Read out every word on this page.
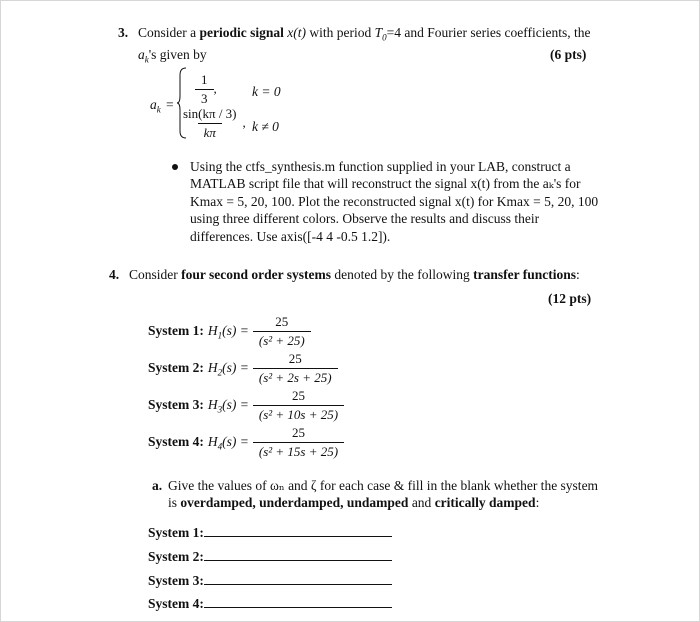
3. Consider a periodic signal x(t) with period $T_0=4$ and Fourier series coefficients, the
$a_k's$ given by	(6 pts)
$a_k = \frac{1}{3}$ ,	k = 0
$\frac{\sin(k\pi / 3)}{k\pi}$ , k ≠ 0
Using the ctfs_synthesis.m function supplied in your LAB, construct a
MATLAB script file that will reconstruct the signal x(t) from the aₖ's for
Kmax = 5, 20, 100. Plot the reconstructed signal x(t) for Kmax = 5, 20, 100
using three different colors. Observe the results and discuss their
differences. Use axis([-4 4 -0.5 1.2]).
4. Consider four second order systems denoted by the following transfer functions:
(12 pts)
System 1: $H_1(s) = \frac{25}{\text{(s² + 25)}}$
System 2: $H_2(s) = \frac{25}{\text{(s² + 2s + 25)}}$
System 3: $H_3(s) = \frac{25}{\text{(s² + 10s + 25)}}$
System 4: $H_4(s) = \frac{25}{\text{(s² + 15s + 25)}}$
a. Give the values of ωₙ and ζ for each case & fill in the blank whether the system
is overdamped, underdamped, undamped and critically damped:
System 1:
System 2:
System 3:
System 4:
